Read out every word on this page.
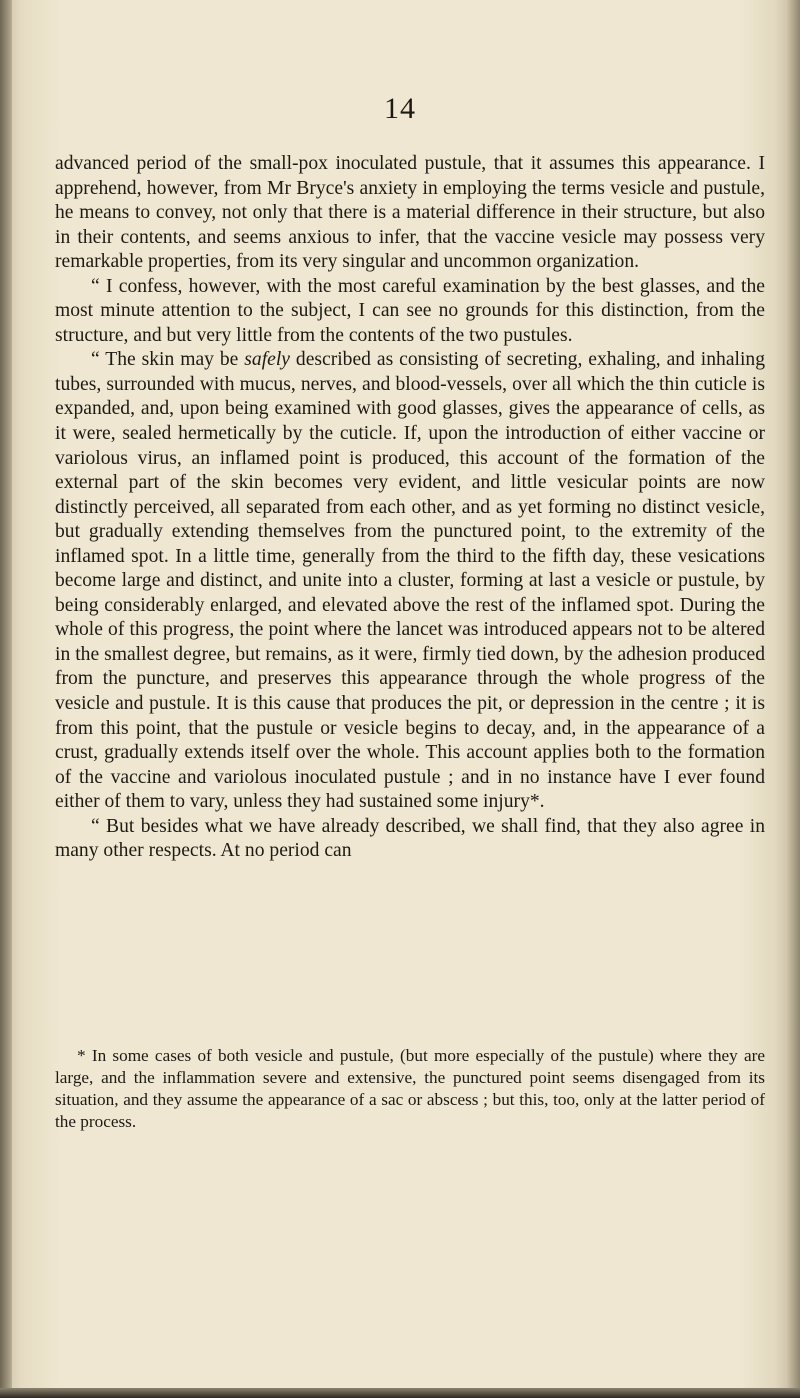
14

advanced period of the small-pox inoculated pustule, that it assumes this appearance. I apprehend, however, from Mr Bryce's anxiety in employing the terms vesicle and pustule, he means to convey, not only that there is a material difference in their structure, but also in their contents, and seems anxious to infer, that the vaccine vesicle may possess very remarkable properties, from its very singular and uncommon organization.

“ I confess, however, with the most careful examination by the best glasses, and the most minute attention to the subject, I can see no grounds for this distinction, from the structure, and but very little from the contents of the two pustules.

“ The skin may be safely described as consisting of secreting, exhaling, and inhaling tubes, surrounded with mucus, nerves, and blood-vessels, over all which the thin cuticle is expanded, and, upon being examined with good glasses, gives the appearance of cells, as it were, sealed hermetically by the cuticle. If, upon the introduction of either vaccine or variolous virus, an inflamed point is produced, this account of the formation of the external part of the skin becomes very evident, and little vesicular points are now distinctly perceived, all separated from each other, and as yet forming no distinct vesicle, but gradually extending themselves from the punctured point, to the extremity of the inflamed spot. In a little time, generally from the third to the fifth day, these vesications become large and distinct, and unite into a cluster, forming at last a vesicle or pustule, by being considerably enlarged, and elevated above the rest of the inflamed spot. During the whole of this progress, the point where the lancet was introduced appears not to be altered in the smallest degree, but remains, as it were, firmly tied down, by the adhesion produced from the puncture, and preserves this appearance through the whole progress of the vesicle and pustule. It is this cause that produces the pit, or depression in the centre ; it is from this point, that the pustule or vesicle begins to decay, and, in the appearance of a crust, gradually extends itself over the whole. This account applies both to the formation of the vaccine and variolous inoculated pustule ; and in no instance have I ever found either of them to vary, unless they had sustained some injury*.

“ But besides what we have already described, we shall find, that they also agree in many other respects. At no period can

* In some cases of both vesicle and pustule, (but more especially of the pustule) where they are large, and the inflammation severe and extensive, the punctured point seems disengaged from its situation, and they assume the appearance of a sac or abscess ; but this, too, only at the latter period of the process.
